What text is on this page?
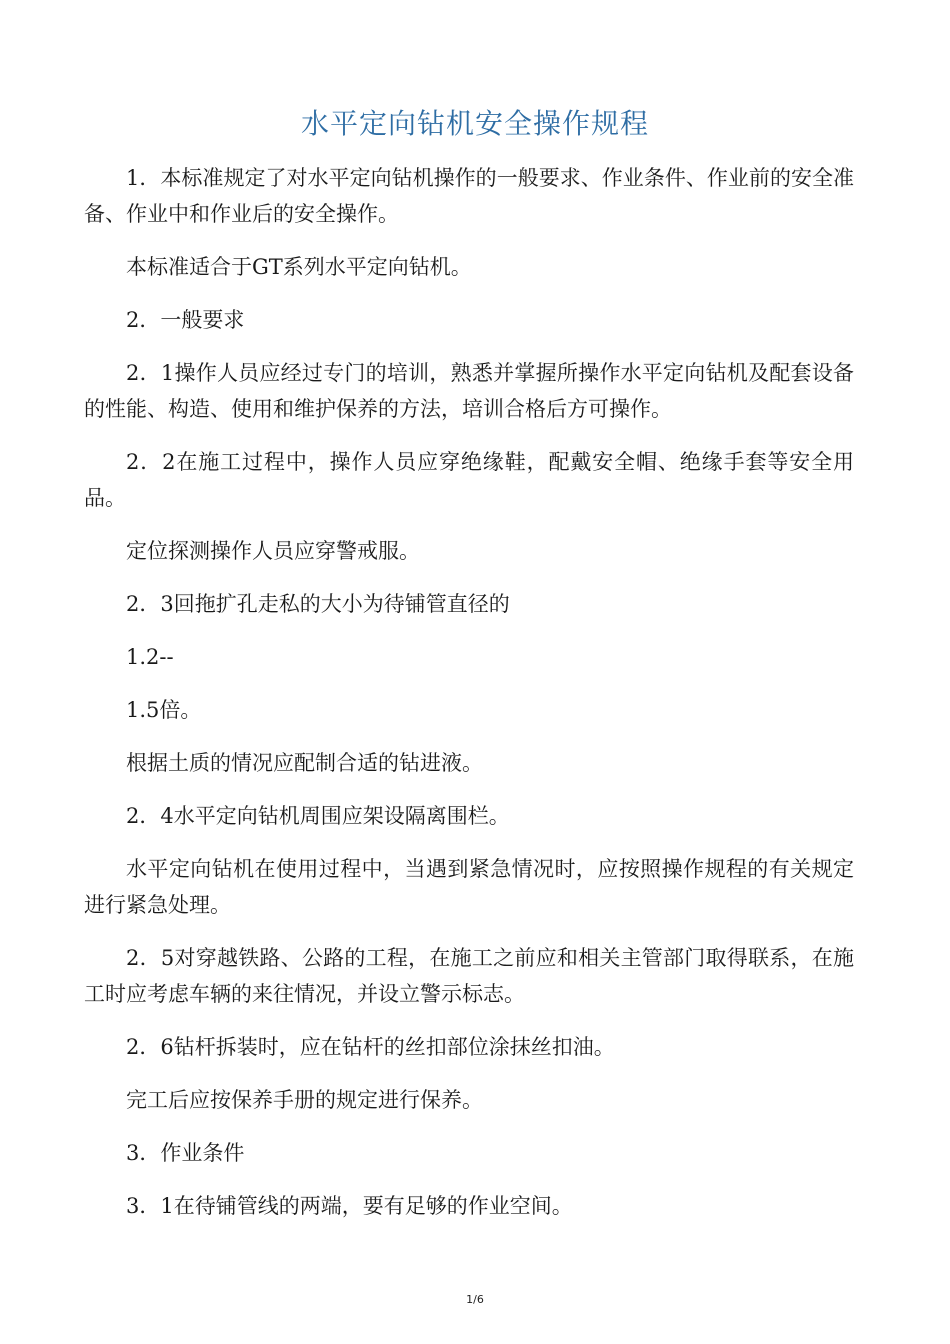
水平定向钻机安全操作规程

1．本标准规定了对水平定向钻机操作的一般要求、作业条件、作业前的安全准备、作业中和作业后的安全操作。

本标准适合于GT系列水平定向钻机。

2．一般要求

2．1操作人员应经过专门的培训，熟悉并掌握所操作水平定向钻机及配套设备的性能、构造、使用和维护保养的方法，培训合格后方可操作。

2．2在施工过程中，操作人员应穿绝缘鞋，配戴安全帽、绝缘手套等安全用品。

定位探测操作人员应穿警戒服。

2．3回拖扩孔走私的大小为待铺管直径的

1.2--

1.5倍。

根据土质的情况应配制合适的钻进液。

2．4水平定向钻机周围应架设隔离围栏。

水平定向钻机在使用过程中，当遇到紧急情况时，应按照操作规程的有关规定进行紧急处理。

2．5对穿越铁路、公路的工程，在施工之前应和相关主管部门取得联系，在施工时应考虑车辆的来往情况，并设立警示标志。

2．6钻杆拆装时，应在钻杆的丝扣部位涂抹丝扣油。

完工后应按保养手册的规定进行保养。

3．作业条件

3．1在待铺管线的两端，要有足够的作业空间。

1/6
